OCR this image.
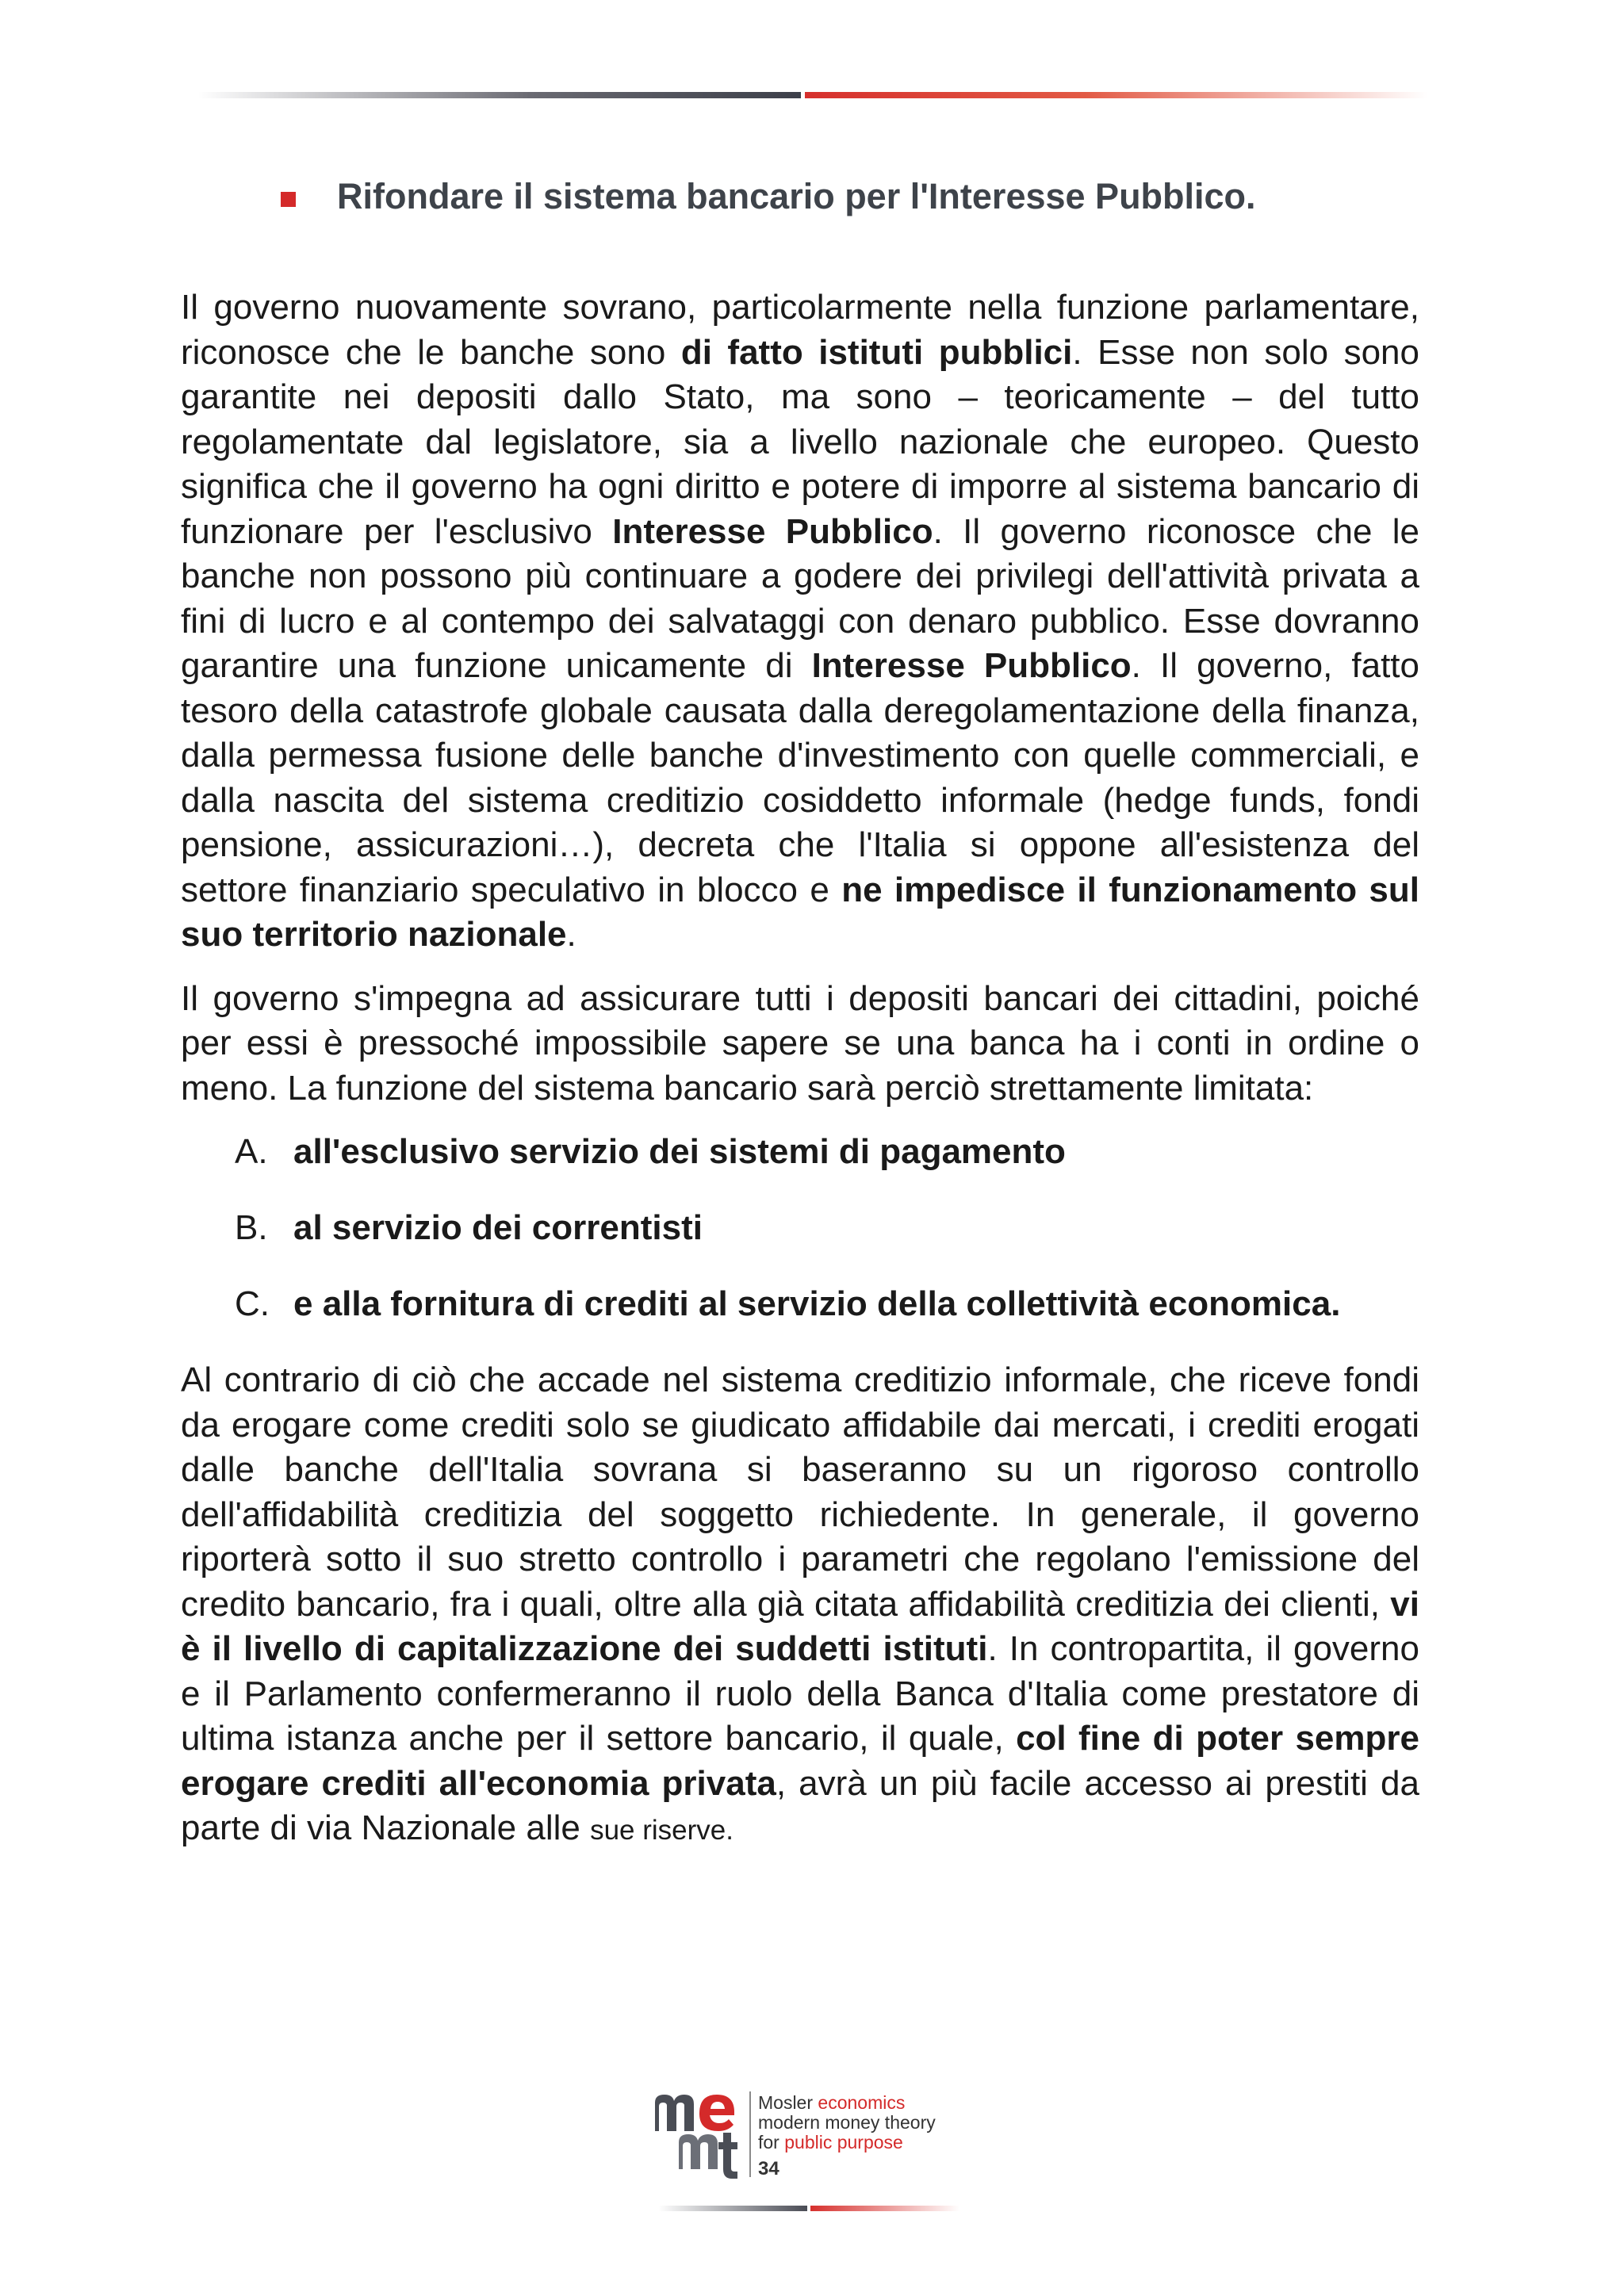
Rifondare il sistema bancario per l'Interesse Pubblico.

Il governo nuovamente sovrano, particolarmente nella funzione parlamentare, riconosce che le banche sono di fatto istituti pubblici. Esse non solo sono garantite nei depositi dallo Stato, ma sono – teoricamente – del tutto regolamentate dal legislatore, sia a livello nazionale che europeo. Questo significa che il governo ha ogni diritto e potere di imporre al sistema bancario di funzionare per l'esclusivo Interesse Pubblico. Il governo riconosce che le banche non possono più continuare a godere dei privilegi dell'attività privata a fini di lucro e al contempo dei salvataggi con denaro pubblico. Esse dovranno garantire una funzione unicamente di Interesse Pubblico. Il governo, fatto tesoro della catastrofe globale causata dalla deregolamentazione della finanza, dalla permessa fusione delle banche d'investimento con quelle commerciali, e dalla nascita del sistema creditizio cosiddetto informale (hedge funds, fondi pensione, assicurazioni…), decreta che l'Italia si oppone all'esistenza del settore finanziario speculativo in blocco e ne impedisce il funzionamento sul suo territorio nazionale.

Il governo s'impegna ad assicurare tutti i depositi bancari dei cittadini, poiché per essi è pressoché impossibile sapere se una banca ha i conti in ordine o meno. La funzione del sistema bancario sarà perciò strettamente limitata:

A. all'esclusivo servizio dei sistemi di pagamento
B. al servizio dei correntisti
C. e alla fornitura di crediti al servizio della collettività economica.

Al contrario di ciò che accade nel sistema creditizio informale, che riceve fondi da erogare come crediti solo se giudicato affidabile dai mercati, i crediti erogati dalle banche dell'Italia sovrana si baseranno su un rigoroso controllo dell'affidabilità creditizia del soggetto richiedente. In generale, il governo riporterà sotto il suo stretto controllo i parametri che regolano l'emissione del credito bancario, fra i quali, oltre alla già citata affidabilità creditizia dei clienti, vi è il livello di capitalizzazione dei suddetti istituti. In contropartita, il governo e il Parlamento confermeranno il ruolo della Banca d'Italia come prestatore di ultima istanza anche per il settore bancario, il quale, col fine di poter sempre erogare crediti all'economia privata, avrà un più facile accesso ai prestiti da parte di via Nazionale alle sue riserve.

Mosler economics
modern money theory
for public purpose
34
